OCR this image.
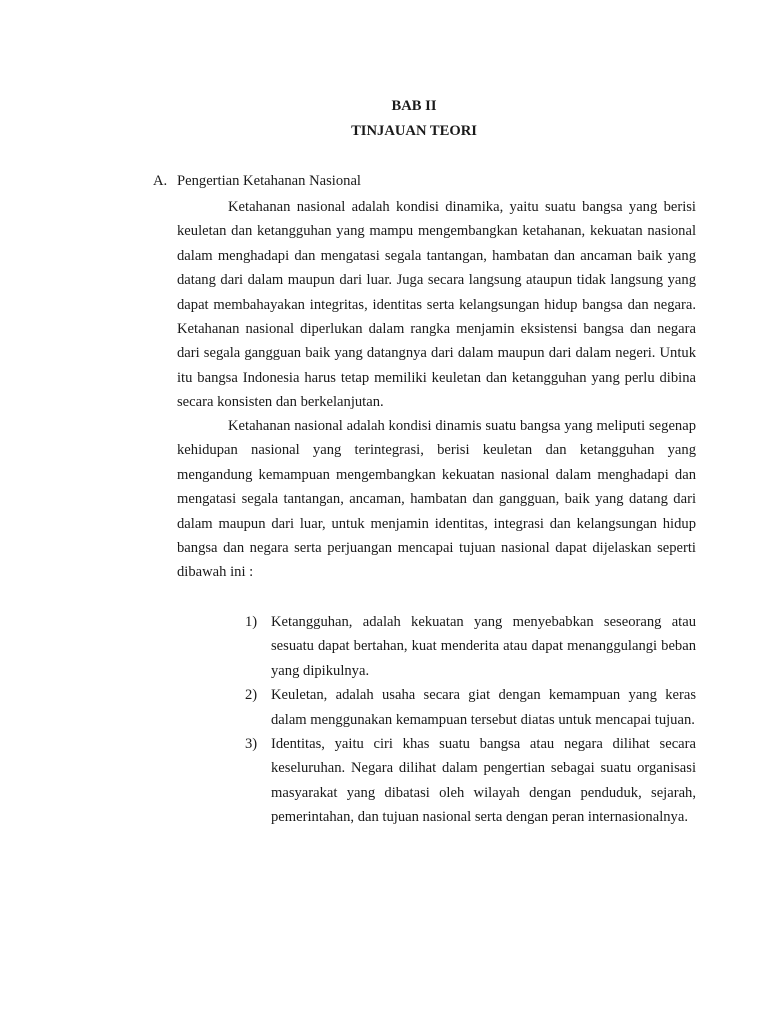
BAB II
TINJAUAN TEORI
A. Pengertian Ketahanan Nasional

Ketahanan nasional adalah kondisi dinamika, yaitu suatu bangsa yang berisi keuletan dan ketangguhan yang mampu mengembangkan ketahanan, kekuatan nasional dalam menghadapi dan mengatasi segala tantangan, hambatan dan ancaman baik yang datang dari dalam maupun dari luar. Juga secara langsung ataupun tidak langsung yang dapat membahayakan integritas, identitas serta kelangsungan hidup bangsa dan negara. Ketahanan nasional diperlukan dalam rangka menjamin eksistensi bangsa dan negara dari segala gangguan baik yang datangnya dari dalam maupun dari dalam negeri. Untuk itu bangsa Indonesia harus tetap memiliki keuletan dan ketangguhan yang perlu dibina secara konsisten dan berkelanjutan.

Ketahanan nasional adalah kondisi dinamis suatu bangsa yang meliputi segenap kehidupan nasional yang terintegrasi, berisi keuletan dan ketangguhan yang mengandung kemampuan mengembangkan kekuatan nasional dalam menghadapi dan mengatasi segala tantangan, ancaman, hambatan dan gangguan, baik yang datang dari dalam maupun dari luar, untuk menjamin identitas, integrasi dan kelangsungan hidup bangsa dan negara serta perjuangan mencapai tujuan nasional dapat dijelaskan seperti dibawah ini :

1) Ketangguhan, adalah kekuatan yang menyebabkan seseorang atau sesuatu dapat bertahan, kuat menderita atau dapat menanggulangi beban yang dipikulnya.
2) Keuletan, adalah usaha secara giat dengan kemampuan yang keras dalam menggunakan kemampuan tersebut diatas untuk mencapai tujuan.
3) Identitas, yaitu ciri khas suatu bangsa atau negara dilihat secara keseluruhan. Negara dilihat dalam pengertian sebagai suatu organisasi masyarakat yang dibatasi oleh wilayah dengan penduduk, sejarah, pemerintahan, dan tujuan nasional serta dengan peran internasionalnya.
